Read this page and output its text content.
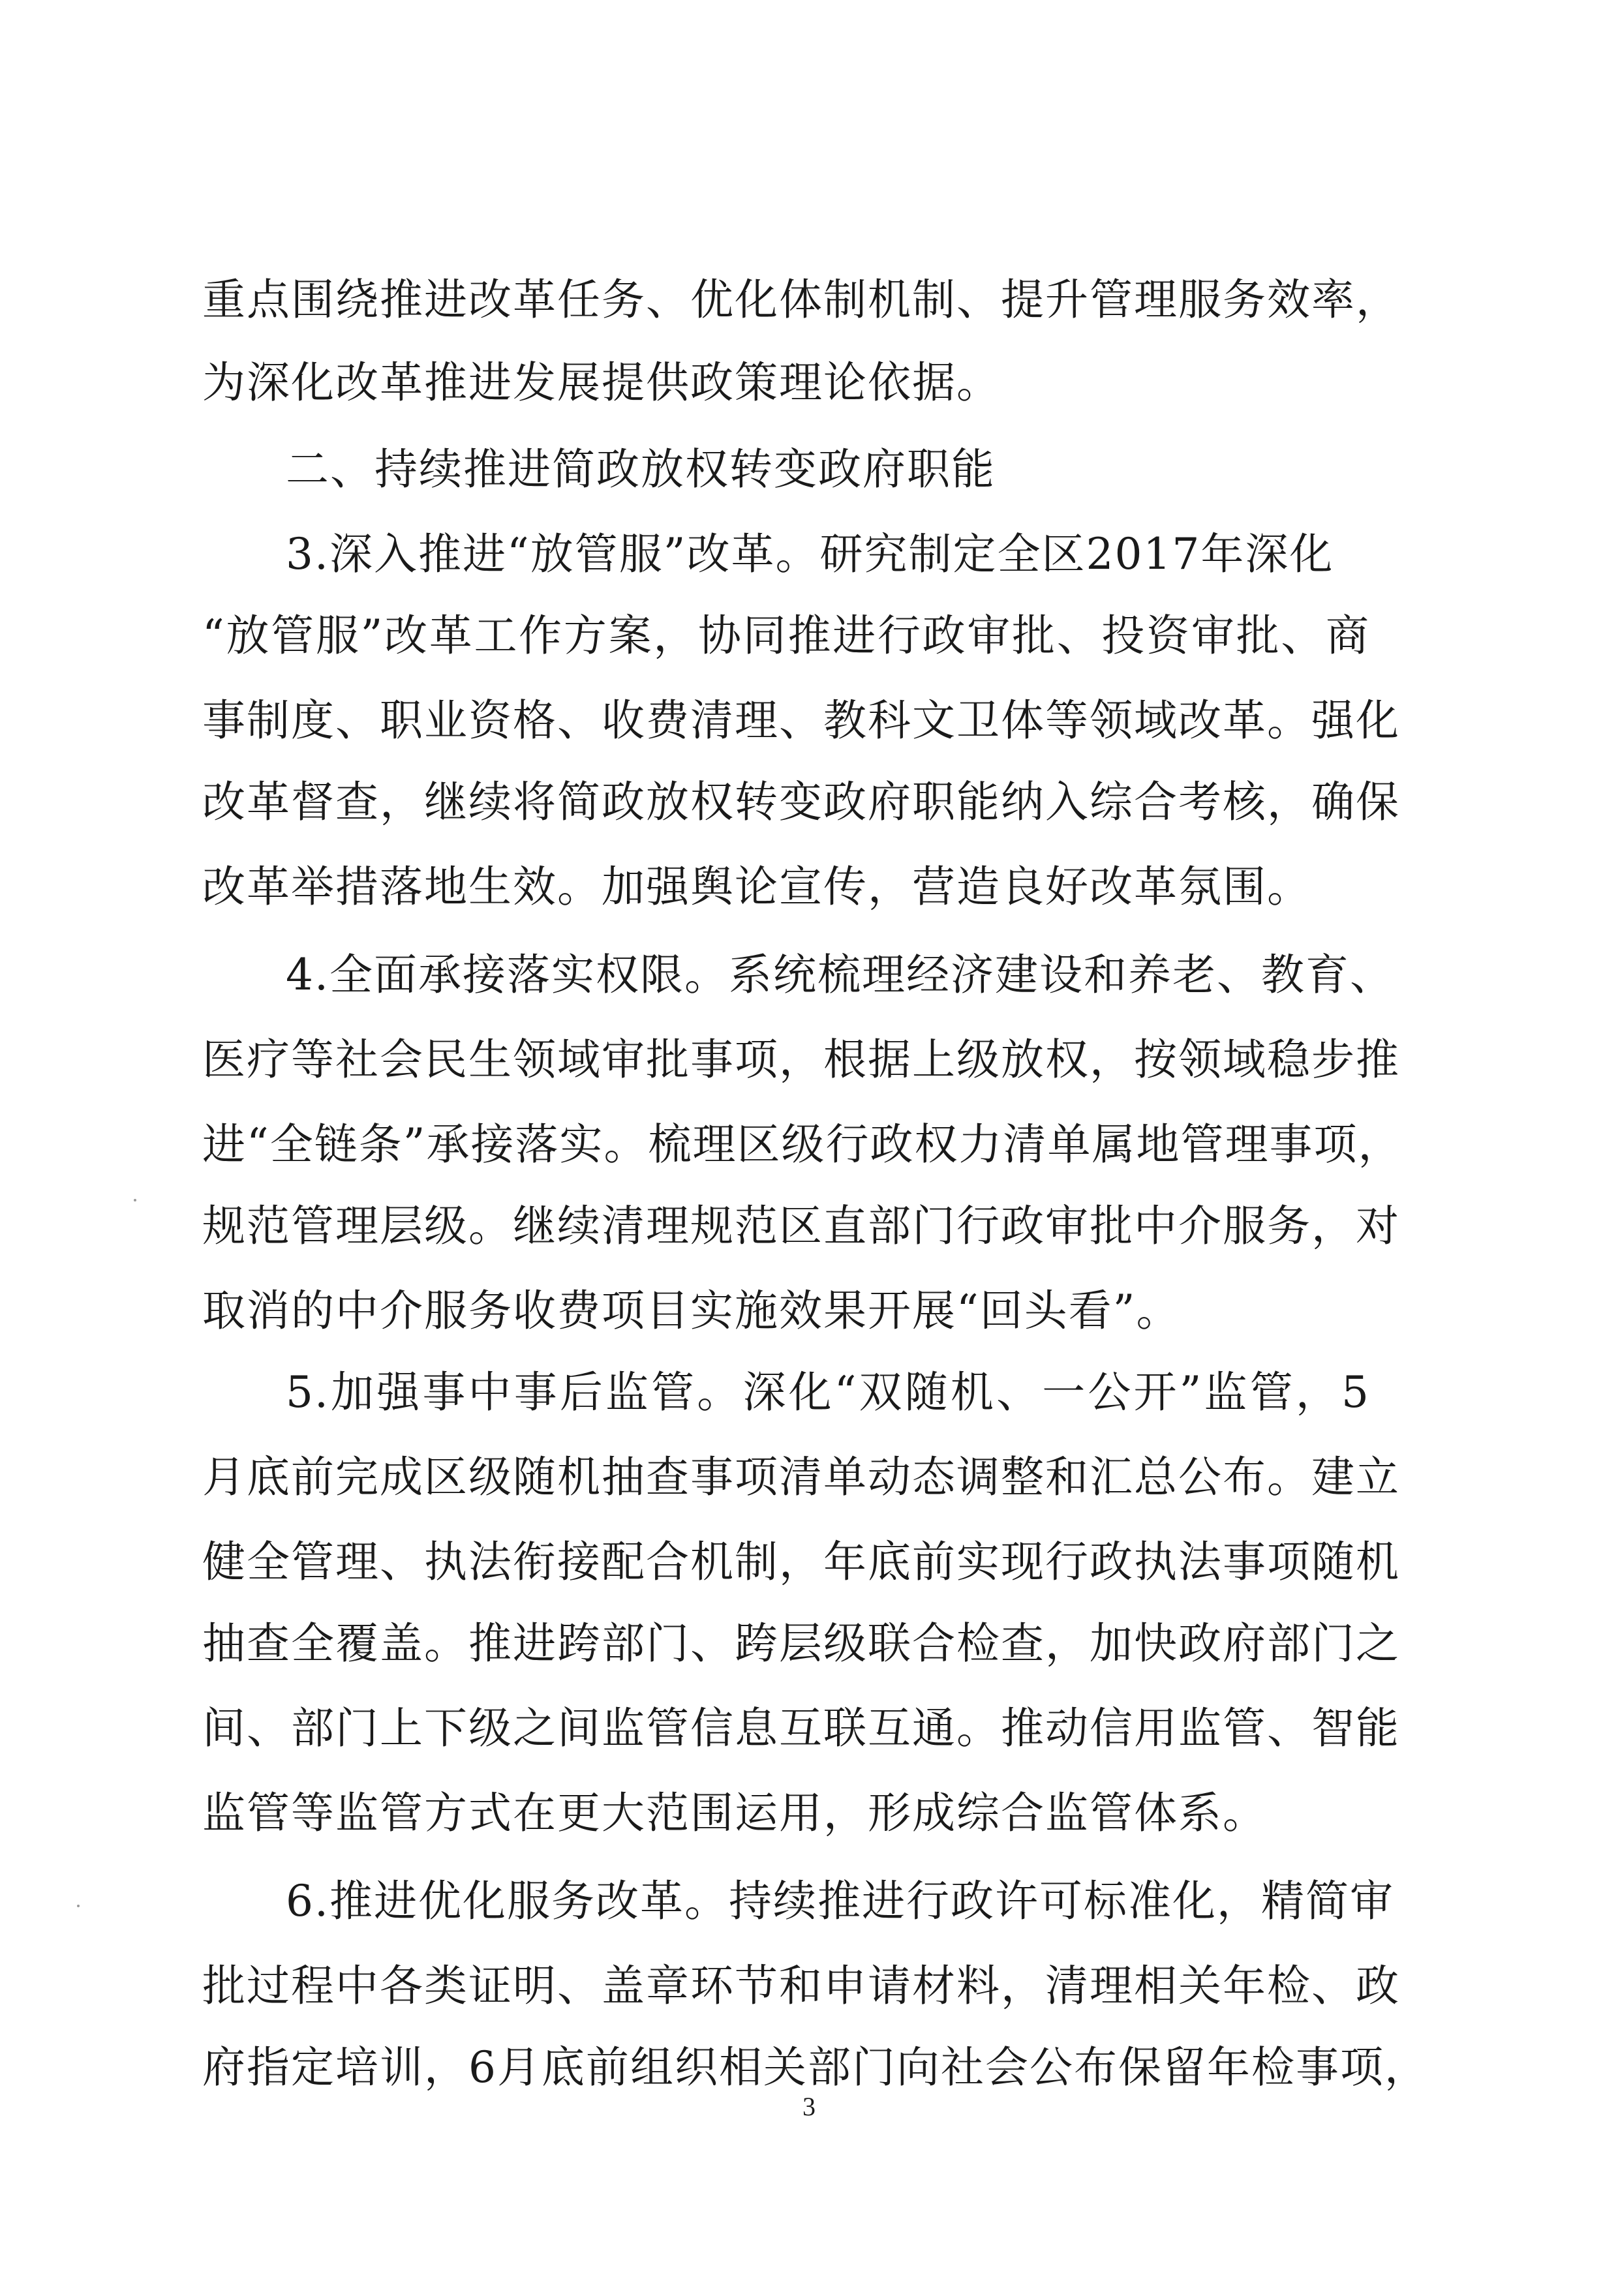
重点围绕推进改革任务、优化体制机制、提升管理服务效率，
为深化改革推进发展提供政策理论依据。
二、持续推进简政放权转变政府职能
3.深入推进“放管服”改革。研究制定全区2017年深化
“放管服”改革工作方案，协同推进行政审批、投资审批、商
事制度、职业资格、收费清理、教科文卫体等领域改革。强化
改革督查，继续将简政放权转变政府职能纳入综合考核，确保
改革举措落地生效。加强舆论宣传，营造良好改革氛围。
4.全面承接落实权限。系统梳理经济建设和养老、教育、
医疗等社会民生领域审批事项，根据上级放权，按领域稳步推
进“全链条”承接落实。梳理区级行政权力清单属地管理事项，
规范管理层级。继续清理规范区直部门行政审批中介服务，对
取消的中介服务收费项目实施效果开展“回头看”。
5.加强事中事后监管。深化“双随机、一公开”监管，5
月底前完成区级随机抽查事项清单动态调整和汇总公布。建立
健全管理、执法衔接配合机制，年底前实现行政执法事项随机
抽查全覆盖。推进跨部门、跨层级联合检查，加快政府部门之
间、部门上下级之间监管信息互联互通。推动信用监管、智能
监管等监管方式在更大范围运用，形成综合监管体系。
6.推进优化服务改革。持续推进行政许可标准化，精简审
批过程中各类证明、盖章环节和申请材料，清理相关年检、政
府指定培训，6月底前组织相关部门向社会公布保留年检事项，
3
